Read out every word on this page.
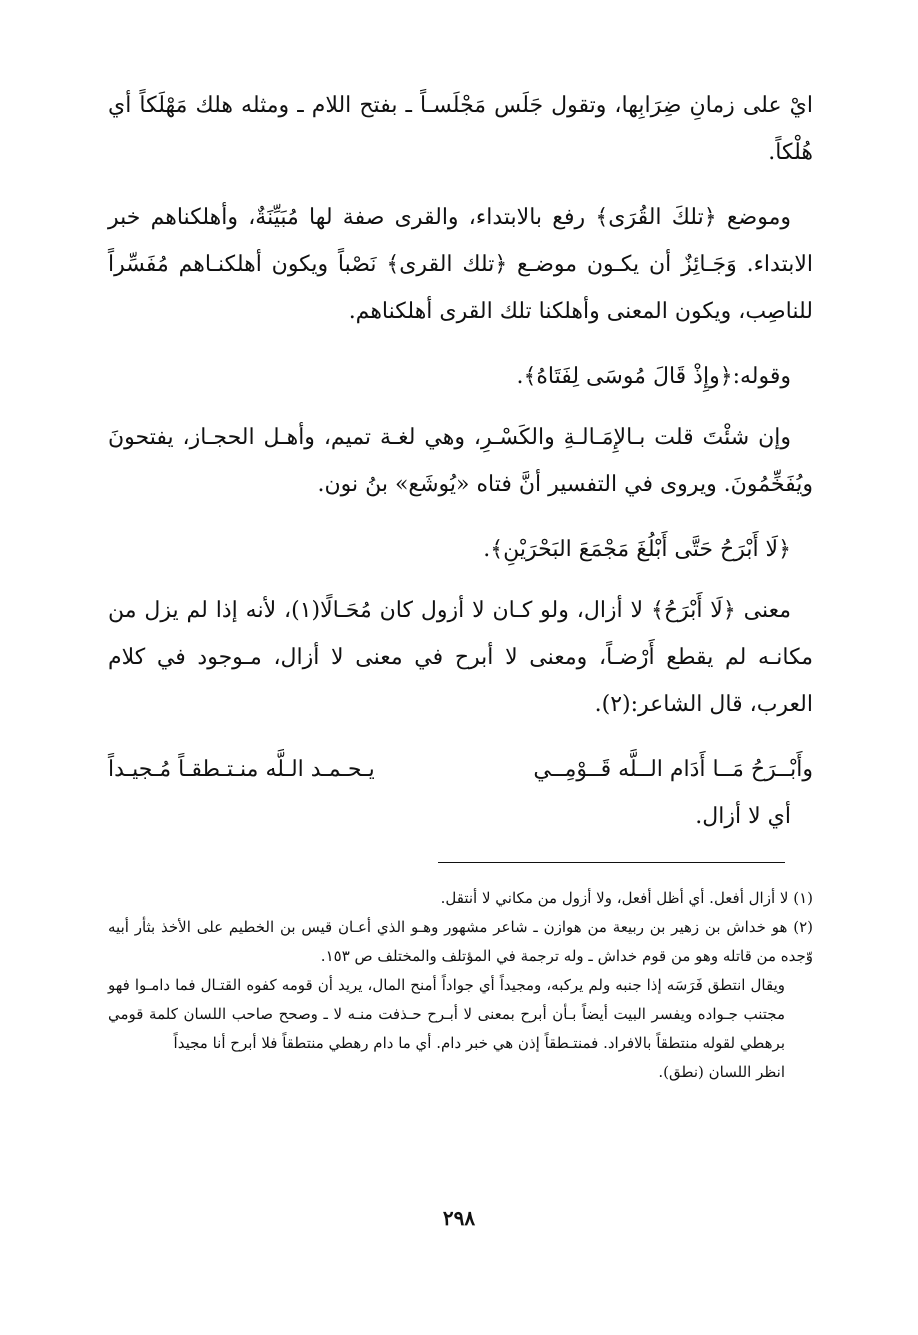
ايْ على زمانِ ضِرَابِها، وتقول جَلَس مَجْلَسـاً ـ بفتح اللام ـ ومثله هلك مَهْلَكاً أي هُلْكاً.

وموضع ﴿تلكَ القُرَى﴾ رفع بالابتداء، والقرى صفة لها مُبَيِّنَةٌ، وأهلكناهم خبر الابتداء. وَجَـائِزٌ أن يكـون موضـع ﴿تلك القرى﴾ نَصْباً ويكون أهلكنـاهم مُفَسِّراً للناصِب، ويكون المعنى وأهلكنا تلك القرى أهلكناهم.

وقوله:﴿وإِذْ قَالَ مُوسَى لِفَتَاهُ﴾.

وإن شئْتَ قلت بـالإِمَـالـةِ والكَسْـرِ، وهي لغـة تميم، وأهـل الحجـاز، يفتحونَ ويُفَخِّمُونَ. ويروى في التفسير أنَّ فتاه «يُوشَع» بنُ نون.

﴿لَا أَبْرَحُ حَتَّى أَبْلُغَ مَجْمَعَ البَحْرَيْنِ﴾.

معنى ﴿لَا أَبْرَحُ﴾ لا أزال، ولو كـان لا أزول كان مُحَـالًا(١)، لأنه إذا لم يزل من مكانـه لم يقطع أَرْضـاً، ومعنى لا أبرح في معنى لا أزال، مـوجود في كلام العرب، قال الشاعر:(٢).

وأَبْــرَحُ مَــا أَدَام الــلَّه قَــوْمِــي
يـحـمـد الـلَّه منـتـطقـاً مُـجيـداً

أي لا أزال.

(١) لا أزال أفعل. أي أظل أفعل، ولا أزول من مكاني لا أنتقل.

(٢) هو خداش بن زهير بن ربيعة من هوازن ـ شاعر مشهور وهـو الذي أعـان قيس بن الخطيم على الأخذ بثأر أبيه وّجده من قاتله وهو من قوم خداش ـ وله ترجمة في المؤتلف والمختلف ص ١٥٣.

ويقال انتطق فَرَسَه إذا جنبه ولم يركبه، ومجيداً أي جواداً أمنح المال، يريد أن قومه كفوه القتـال فما دامـوا فهو مجتنب جـواده ويفسر البيت أيضاً بـأن أبرح بمعنى لا أبـرح حـذفت منـه لا ـ وصحح صاحب اللسان كلمة قومي برهطي لقوله منتطقاً بالافراد. فمنتـطقاً إذن هي خبر دام. أي ما دام رهطي منتطقاً فلا أبرح أنا مجيداً

انظر اللسان (نطق).

٢٩٨
